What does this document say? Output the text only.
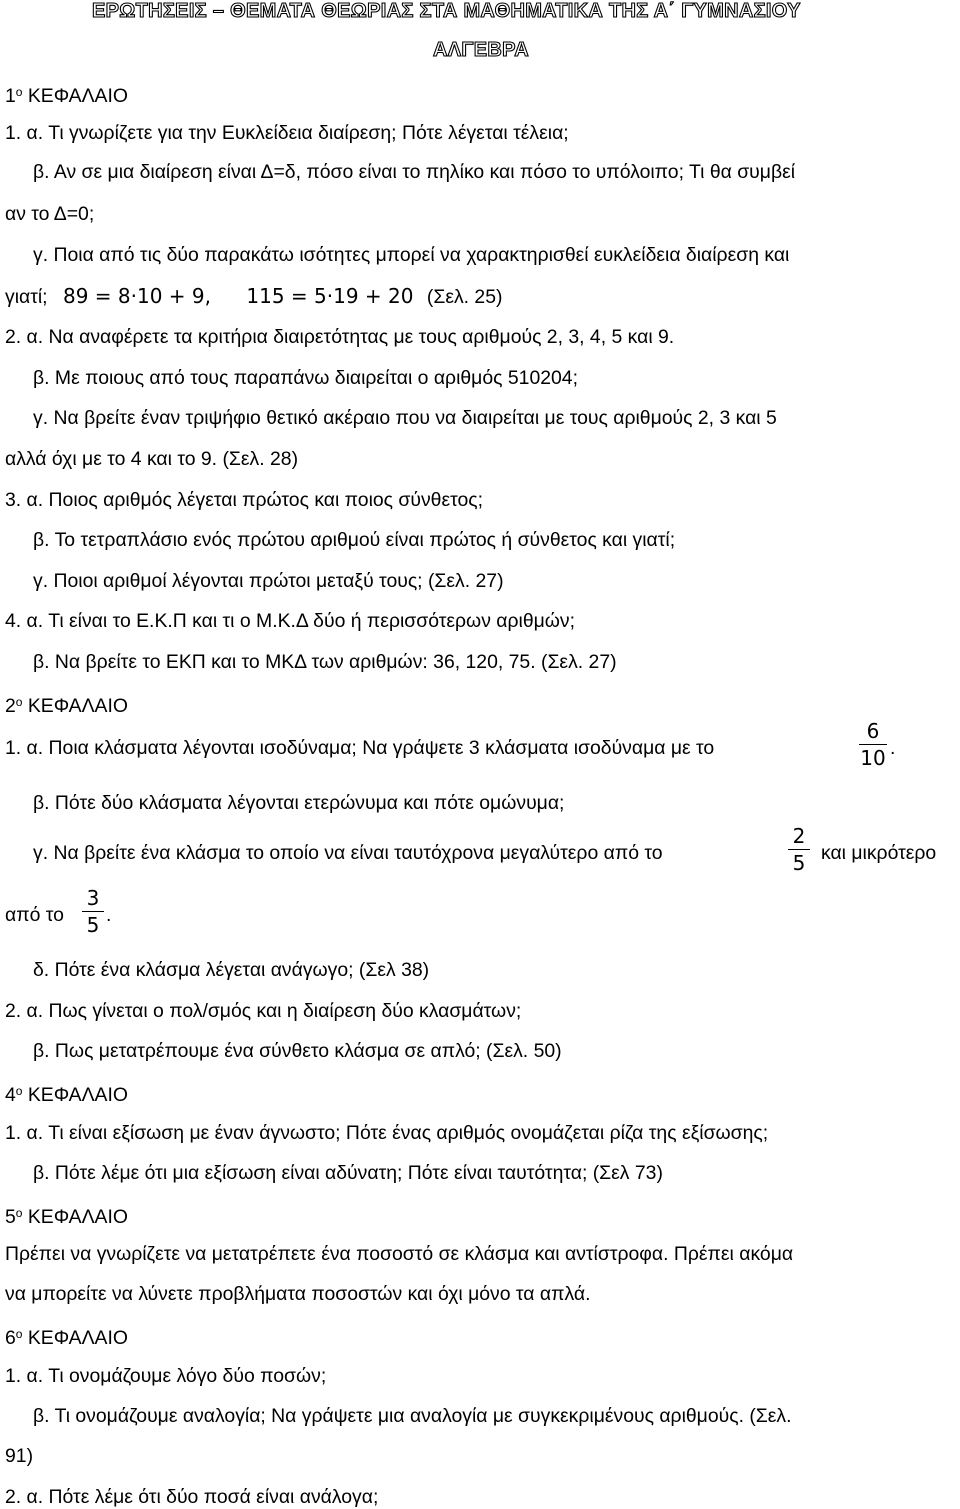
ΕΡΩΤΗΣΕΙΣ – ΘΕΜΑΤΑ ΘΕΩΡΙΑΣ ΣΤΑ ΜΑΘΗΜΑΤΙΚΑ ΤΗΣ Α΄ ΓΥΜΝΑΣΙΟΥ
ΑΛΓΕΒΡΑ
$1^o$ ΚΕΦΑΛΑΙΟ
1. α. Τι γνωρίζετε για την Ευκλείδεια διαίρεση; Πότε λέγεται τέλεια;
β. Αν σε μια διαίρεση είναι Δ=δ, πόσο είναι το πηλίκο και πόσο το υπόλοιπο; Τι θα συμβεί
αν το Δ=0;
γ. Ποια από τις δύο παρακάτω ισότητες μπορεί να χαρακτηρισθεί ευκλείδεια διαίρεση και
γιατί; 89 = 8·10 + 9, 115 = 5·19 + 20 (Σελ. 25)
2. α. Να αναφέρετε τα κριτήρια διαιρετότητας με τους αριθμούς 2, 3, 4, 5 και 9.
β. Με ποιους από τους παραπάνω διαιρείται ο αριθμός 510204;
γ. Να βρείτε έναν τριψήφιο θετικό ακέραιο που να διαιρείται με τους αριθμούς 2, 3 και 5
αλλά όχι με το 4 και το 9. (Σελ. 28)
3. α. Ποιος αριθμός λέγεται πρώτος και ποιος σύνθετος;
β. Το τετραπλάσιο ενός πρώτου αριθμού είναι πρώτος ή σύνθετος και γιατί;
γ. Ποιοι αριθμοί λέγονται πρώτοι μεταξύ τους; (Σελ. 27)
4. α. Τι είναι το Ε.Κ.Π και τι ο Μ.Κ.Δ δύο ή περισσότερων αριθμών;
β. Να βρείτε το ΕΚΠ και το ΜΚΔ των αριθμών: 36, 120, 75. (Σελ. 27)
$2^o$ ΚΕΦΑΛΑΙΟ
1. α. Ποια κλάσματα λέγονται ισοδύναμα; Να γράψετε 3 κλάσματα ισοδύναμα με το
6
10 .
β. Πότε δύο κλάσματα λέγονται ετερώνυμα και πότε ομώνυμα;
γ. Να βρείτε ένα κλάσμα το οποίο να είναι ταυτόχρονα μεγαλύτερο από το
2
5 και μικρότερο
από το
3
5 .
δ. Πότε ένα κλάσμα λέγεται ανάγωγο; (Σελ 38)
2. α. Πως γίνεται ο πολ/σμός και η διαίρεση δύο κλασμάτων;
β. Πως μετατρέπουμε ένα σύνθετο κλάσμα σε απλό; (Σελ. 50)
$4^o$ ΚΕΦΑΛΑΙΟ
1. α. Τι είναι εξίσωση με έναν άγνωστο; Πότε ένας αριθμός ονομάζεται ρίζα της εξίσωσης;
β. Πότε λέμε ότι μια εξίσωση είναι αδύνατη; Πότε είναι ταυτότητα; (Σελ 73)
$5^o$ ΚΕΦΑΛΑΙΟ
Πρέπει να γνωρίζετε να μετατρέπετε ένα ποσοστό σε κλάσμα και αντίστροφα. Πρέπει ακόμα
να μπορείτε να λύνετε προβλήματα ποσοστών και όχι μόνο τα απλά.
$6^o$ ΚΕΦΑΛΑΙΟ
1. α. Τι ονομάζουμε λόγο δύο ποσών;
β. Τι ονομάζουμε αναλογία; Να γράψετε μια αναλογία με συγκεκριμένους αριθμούς. (Σελ.
91)
2. α. Πότε λέμε ότι δύο ποσά είναι ανάλογα;
